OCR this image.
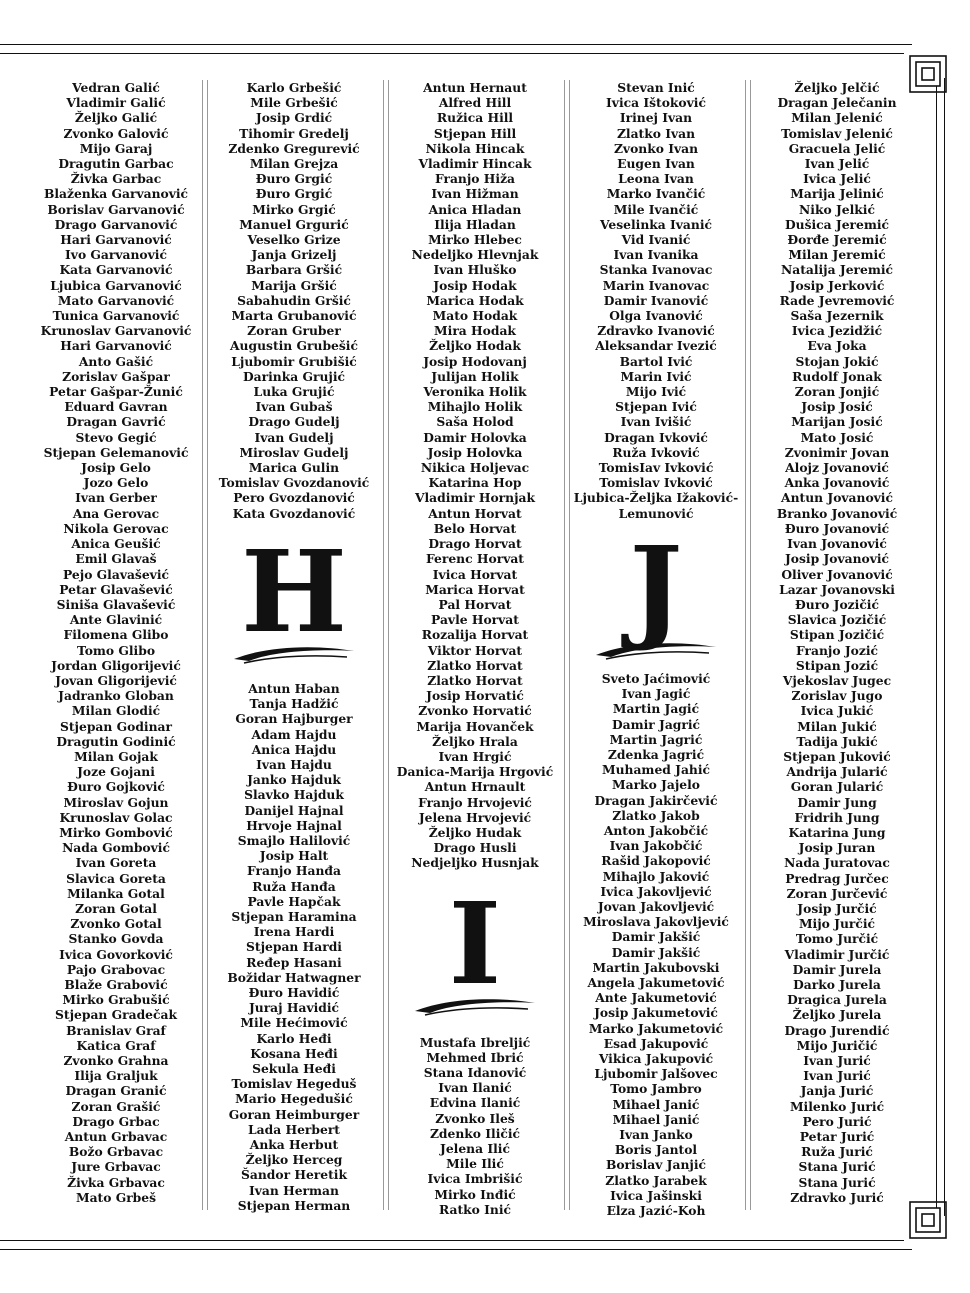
Vedran Galić
Vladimir Galić
Željko Galić
Zvonko Galović
Mijo Garaj
Dragutin Garbac
Živka Garbac
Blaženka Garvanović
Borislav Garvanović
Drago Garvanović
Hari Garvanović
Ivo Garvanović
Kata Garvanović
Ljubica Garvanović
Mato Garvanović
Tunica Garvanović
Krunoslav Garvanović
Hari Garvanović
Anto Gašić
Zorislav Gašpar
Petar Gašpar-Žunić
Eduard Gavran
Dragan Gavrić
Stevo Gegić
Stjepan Gelemanović
Josip Gelo
Jozo Gelo
Ivan Gerber
Ana Gerovac
Nikola Gerovac
Anica Geušić
Emil Glavaš
Pejo Glavašević
Petar Glavašević
Siniša Glavašević
Ante Glavinić
Filomena Glibo
Tomo Glibo
Jordan Gligorijević
Jovan Gligorijević
Jadranko Globan
Milan Glodić
Stjepan Godinar
Dragutin Godinić
Milan Gojak
Joze Gojani
Đuro Gojković
Miroslav Gojun
Krunoslav Golac
Mirko Gombović
Nada Gombović
Ivan Goreta
Slavica Goreta
Milanka Gotal
Zoran Gotal
Zvonko Gotal
Stanko Govda
Ivica Govorković
Pajo Grabovac
Blaže Grabović
Mirko Grabušić
Stjepan Gradečak
Branislav Graf
Katica Graf
Zvonko Grahna
Ilija Graljuk
Dragan Granić
Zoran Grašić
Drago Grbac
Antun Grbavac
Božo Grbavac
Jure Grbavac
Živka Grbavac
Mato Grbeš
Karlo Grbešić
Mile Grbešić
Josip Grdić
Tihomir Gredelj
Zdenko Gregurević
Milan Grejza
Đuro Grgić
Đuro Grgić
Mirko Grgić
Manuel Grgurić
Veselko Grize
Janja Grizelj
Barbara Gršić
Marija Gršić
Sabahudin Gršić
Marta Grubanović
Zoran Gruber
Augustin Grubešić
Ljubomir Grubišić
Darinka Grujić
Luka Grujić
Ivan Gubaš
Drago Gudelj
Ivan Gudelj
Miroslav Gudelj
Marica Gulin
Tomislav Gvozdanović
Pero Gvozdanović
Kata Gvozdanović
H
Antun Haban
Tanja Hadžić
Goran Hajburger
Adam Hajdu
Anica Hajdu
Ivan Hajdu
Janko Hajduk
Slavko Hajduk
Danijel Hajnal
Hrvoje Hajnal
Smajlo Halilović
Josip Halt
Franjo Hanđa
Ruža Hanđa
Pavle Hapčak
Stjepan Haramina
Irena Hardi
Stjepan Hardi
Ređep Hasani
Božidar Hatwagner
Đuro Havidić
Juraj Havidić
Mile Hećimović
Karlo Heđi
Kosana Heđi
Sekula Heđi
Tomislav Hegeduš
Mario Hegedušić
Goran Heimburger
Lada Herbert
Anka Herbut
Željko Herceg
Šandor Heretik
Ivan Herman
Stjepan Herman
Antun Hernaut
Alfred Hill
Ružica Hill
Stjepan Hill
Nikola Hincak
Vladimir Hincak
Franjo Hiža
Ivan Hižman
Anica Hladan
Ilija Hladan
Mirko Hlebec
Nedeljko Hlevnjak
Ivan Hluško
Josip Hodak
Marica Hodak
Mato Hodak
Mira Hodak
Željko Hodak
Josip Hodovanj
Julijan Holik
Veronika Holik
Mihajlo Holik
Saša Holod
Damir Holovka
Josip Holovka
Nikica Holjevac
Katarina Hop
Vladimir Hornjak
Antun Horvat
Belo Horvat
Drago Horvat
Ferenc Horvat
Ivica Horvat
Marica Horvat
Pal Horvat
Pavle Horvat
Rozalija Horvat
Viktor Horvat
Zlatko Horvat
Zlatko Horvat
Josip Horvatić
Zvonko Horvatić
Marija Hovanček
Željko Hrala
Ivan Hrgić
Danica-Marija Hrgović
Antun Hrnault
Franjo Hrvojević
Jelena Hrvojević
Željko Hudak
Drago Husli
Nedjeljko Husnjak
I
Mustafa Ibreljić
Mehmed Ibrić
Stana Idanović
Ivan Ilanić
Edvina Ilanić
Zvonko Ileš
Zdenko Iličić
Jelena Ilić
Mile Ilić
Ivica Imbrišić
Mirko Inđić
Ratko Inić
Stevan Inić
Ivica Ištoković
Irinej Ivan
Zlatko Ivan
Zvonko Ivan
Eugen Ivan
Leona Ivan
Marko Ivančić
Mile Ivančić
Veselinka Ivanić
Vid Ivanić
Ivan Ivanika
Stanka Ivanovac
Marin Ivanovac
Damir Ivanović
Olga Ivanović
Zdravko Ivanović
Aleksandar Ivezić
Bartol Ivić
Marin Ivić
Mijo Ivić
Stjepan Ivić
Ivan Ivišić
Dragan Ivković
Ruža Ivković
TomisIav Ivković
Tomislav Ivković
Ljubica-Željka Ižaković-
Lemunović
J
Sveto Jaćimović
Ivan Jagić
Martin Jagić
Damir Jagrić
Martin Jagrić
Zdenka Jagrić
Muhamed Jahić
Marko Jajelo
Dragan Jakirčević
Zlatko Jakob
Anton Jakobčić
Ivan Jakobčić
Rašid Jakopović
Mihajlo Jaković
Ivica Jakovljević
Jovan Jakovljević
Miroslava Jakovljević
Damir Jakšić
Damir Jakšić
Martin Jakubovski
Angela Jakumetović
Ante Jakumetović
Josip Jakumetović
Marko Jakumetović
Esad Jakupović
Vikica Jakupović
Ljubomir Jalšovec
Tomo Jambro
Mihael Janić
Mihael Janić
Ivan Janko
Boris Jantol
Borislav Janjić
Zlatko Jarabek
Ivica Jašinski
Elza Jazić-Koh
Željko Jelčić
Dragan Jelečanin
Milan Jelenić
Tomislav Jelenić
Gracuela Jelić
Ivan Jelić
Ivica Jelić
Marija Jelinić
Niko Jelkić
Dušica Jeremić
Đorđe Jeremić
Milan Jeremić
Natalija Jeremić
Josip Jerković
Rade Jevremović
Saša Jezernik
Ivica Jezidžić
Eva Joka
Stojan Jokić
Rudolf Jonak
Zoran Jonjić
Josip Josić
Marijan Josić
Mato Josić
Zvonimir Jovan
Alojz Jovanović
Anka Jovanović
Antun Jovanović
Branko Jovanović
Đuro Jovanović
Ivan Jovanović
Josip Jovanović
Oliver Jovanović
Lazar Jovanovski
Đuro Jozičić
Slavica Jozičić
Stipan Jozičić
Franjo Jozić
Stipan Jozić
Vjekoslav Jugec
Zorislav Jugo
Ivica Jukić
Milan Jukić
Tadija Jukić
Stjepan Juković
Andrija Jularić
Goran Jularić
Damir Jung
Fridrih Jung
Katarina Jung
Josip Juran
Nada Juratovac
Predrag Jurčec
Zoran Jurčević
Josip Jurčić
Mijo Jurčić
Tomo Jurčić
Vladimir Jurčić
Damir Jurela
Darko Jurela
Dragica Jurela
Željko Jurela
Drago Jurendić
Mijo Juričić
Ivan Jurić
Ivan Jurić
Janja Jurić
Milenko Jurić
Pero Jurić
Petar Jurić
Ruža Jurić
Stana Jurić
Stana Jurić
Zdravko Jurić
